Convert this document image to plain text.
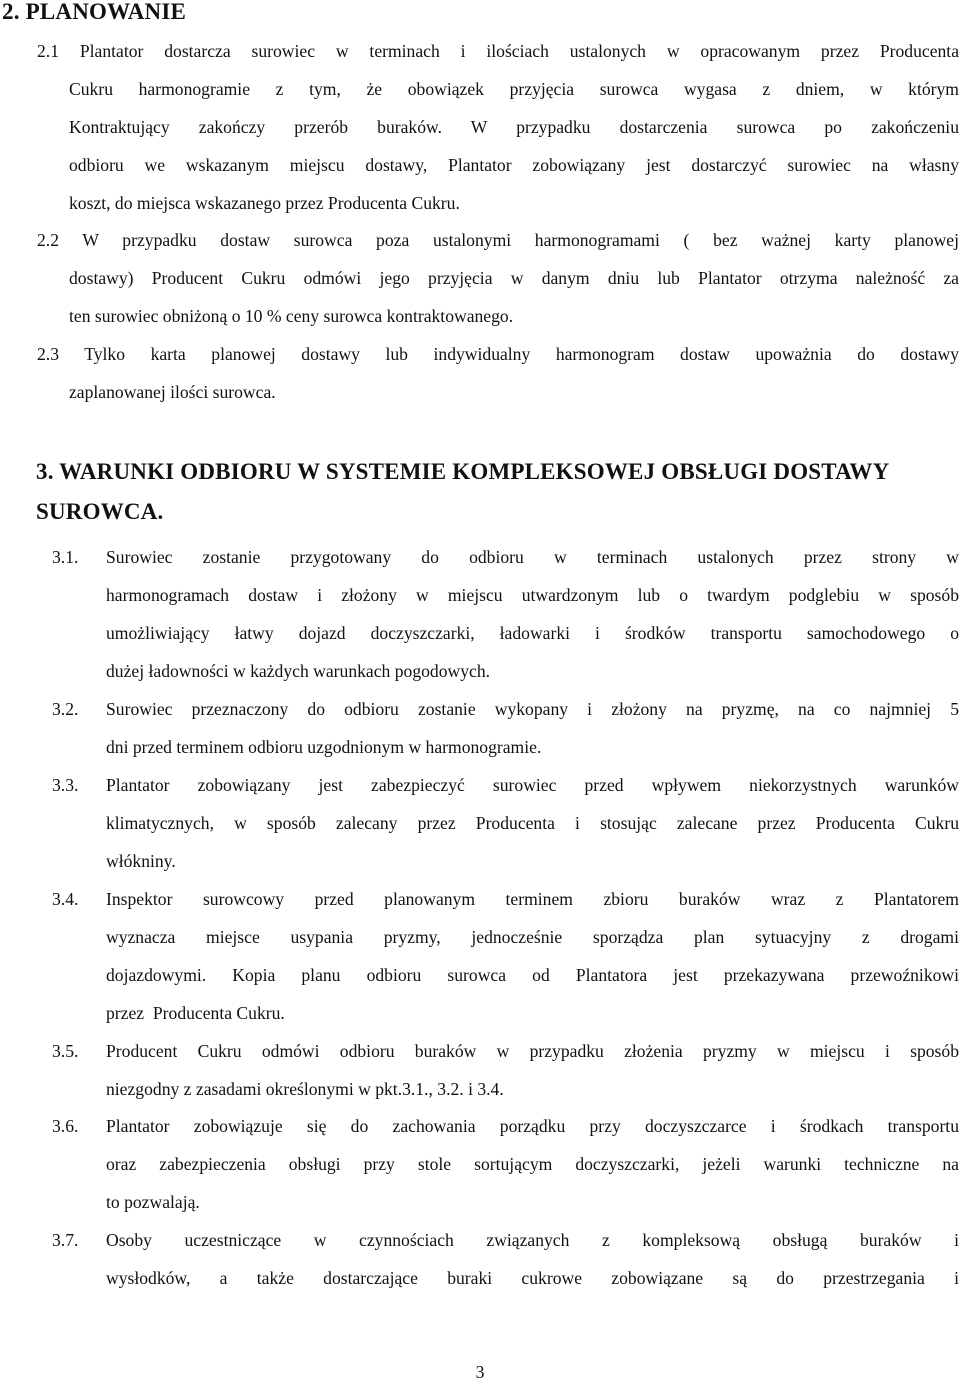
2. PLANOWANIE
2.1 Plantator dostarcza surowiec w terminach i ilościach ustalonych w opracowanym przez Producenta
Cukru harmonogramie z tym, że obowiązek przyjęcia surowca wygasa z dniem, w którym
Kontraktujący zakończy przerób buraków. W przypadku dostarczenia surowca po zakończeniu
odbioru we wskazanym miejscu dostawy, Plantator zobowiązany jest dostarczyć surowiec na własny
koszt, do miejsca wskazanego przez Producenta Cukru.
2.2 W przypadku dostaw surowca poza ustalonymi harmonogramami ( bez ważnej karty planowej
dostawy) Producent Cukru odmówi jego przyjęcia w danym dniu lub Plantator otrzyma należność za
ten surowiec obniżoną o 10 % ceny surowca kontraktowanego.
2.3 Tylko karta planowej dostawy lub indywidualny harmonogram dostaw upoważnia do dostawy
zaplanowanej ilości surowca.
3. WARUNKI ODBIORU W SYSTEMIE KOMPLEKSOWEJ OBSŁUGI DOSTAWY
SUROWCA.
3.1.	Surowiec zostanie przygotowany do odbioru w terminach ustalonych przez strony w
harmonogramach dostaw i złożony w miejscu utwardzonym lub o twardym podglebiu w sposób
umożliwiający łatwy dojazd doczyszczarki, ładowarki i środków transportu samochodowego o
dużej ładowności w każdych warunkach pogodowych.
3.2.	Surowiec przeznaczony do odbioru zostanie wykopany i złożony na pryzmę, na co najmniej 5
dni przed terminem odbioru uzgodnionym w harmonogramie.
3.3.	Plantator zobowiązany jest zabezpieczyć surowiec przed wpływem niekorzystnych warunków
klimatycznych, w sposób zalecany przez Producenta i stosując zalecane przez Producenta Cukru
włókniny.
3.4.	Inspektor surowcowy przed planowanym terminem zbioru buraków wraz z Plantatorem
wyznacza miejsce usypania pryzmy, jednocześnie sporządza plan sytuacyjny z drogami
dojazdowymi. Kopia planu odbioru surowca od Plantatora jest przekazywana przewoźnikowi
przez  Producenta Cukru.
3.5.	Producent Cukru odmówi odbioru buraków w przypadku złożenia pryzmy w miejscu i sposób
niezgodny z zasadami określonymi w pkt.3.1., 3.2. i 3.4.
3.6.	Plantator zobowiązuje się do zachowania porządku przy doczyszczarce i środkach transportu
oraz zabezpieczenia obsługi przy stole sortującym doczyszczarki, jeżeli warunki techniczne na
to pozwalają.
3.7.	Osoby uczestniczące w czynnościach związanych z kompleksową obsługą buraków i
wysłodków, a także dostarczające buraki cukrowe zobowiązane są do przestrzegania i
3
